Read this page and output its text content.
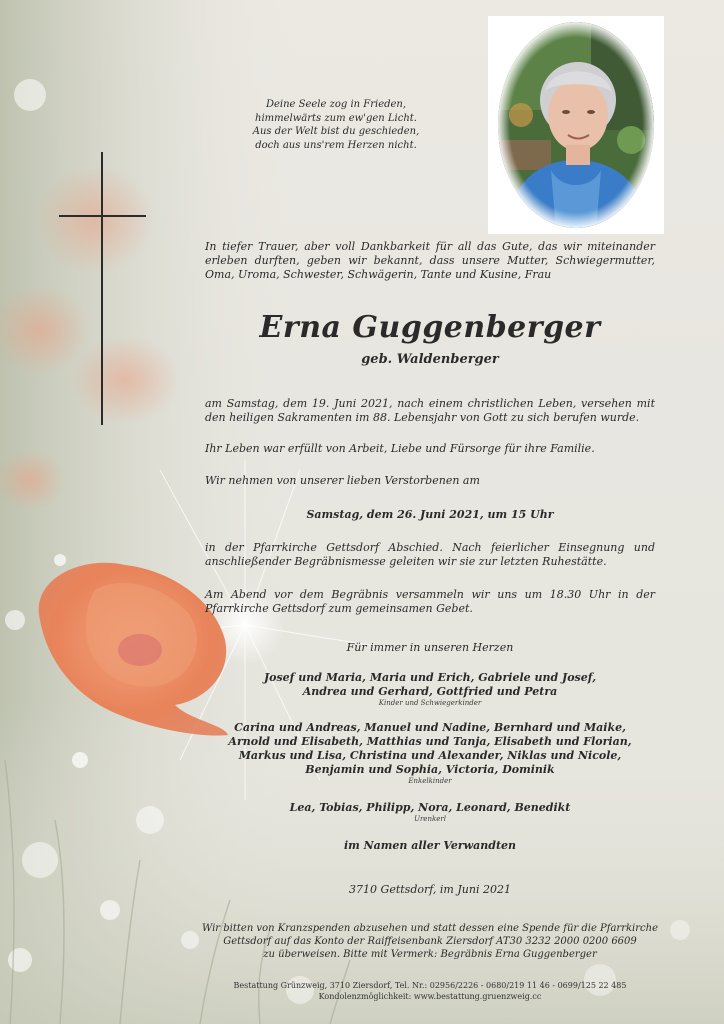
Deine Seele zog in Frieden,
himmelwärts zum ew'gen Licht.
Aus der Welt bist du geschieden,
doch aus uns'rem Herzen nicht.
In tiefer Trauer, aber voll Dankbarkeit für all das Gute, das wir miteinander erleben durften, geben wir bekannt, dass unsere Mutter, Schwiegermutter, Oma, Uroma, Schwester, Schwägerin, Tante und Kusine, Frau
Erna Guggenberger
geb. Waldenberger
am Samstag, dem 19. Juni 2021, nach einem christlichen Leben, versehen mit den heiligen Sakramenten im 88. Lebensjahr von Gott zu sich berufen wurde.
Ihr Leben war erfüllt von Arbeit, Liebe und Fürsorge für ihre Familie.
Wir nehmen von unserer lieben Verstorbenen am
Samstag, dem 26. Juni 2021, um 15 Uhr
in der Pfarrkirche Gettsdorf Abschied. Nach feierlicher Einsegnung und anschließender Begräbnismesse geleiten wir sie zur letzten Ruhestätte.
Am Abend vor dem Begräbnis versammeln wir uns um 18.30 Uhr in der Pfarrkirche Gettsdorf zum gemeinsamen Gebet.
Für immer in unseren Herzen
Josef und Maria, Maria und Erich, Gabriele und Josef,
Andrea und Gerhard, Gottfried und Petra
Kinder und Schwiegerkinder
Carina und Andreas, Manuel und Nadine, Bernhard und Maike,
Arnold und Elisabeth, Matthias und Tanja, Elisabeth und Florian,
Markus und Lisa, Christina und Alexander, Niklas und Nicole,
Benjamin und Sophia, Victoria, Dominik
Enkelkinder
Lea, Tobias, Philipp, Nora, Leonard, Benedikt
Urenkerl
im Namen aller Verwandten
3710 Gettsdorf, im Juni 2021
Wir bitten von Kranzspenden abzusehen und statt dessen eine Spende für die Pfarrkirche
Gettsdorf auf das Konto der Raiffeisenbank Ziersdorf AT30 3232 2000 0200 6609
zu überweisen. Bitte mit Vermerk: Begräbnis Erna Guggenberger
Bestattung Grünzweig, 3710 Ziersdorf, Tel. Nr.: 02956/2226 - 0680/219 11 46 - 0699/125 22 485
Kondolenzmöglichkeit: www.bestattung.gruenzweig.cc
